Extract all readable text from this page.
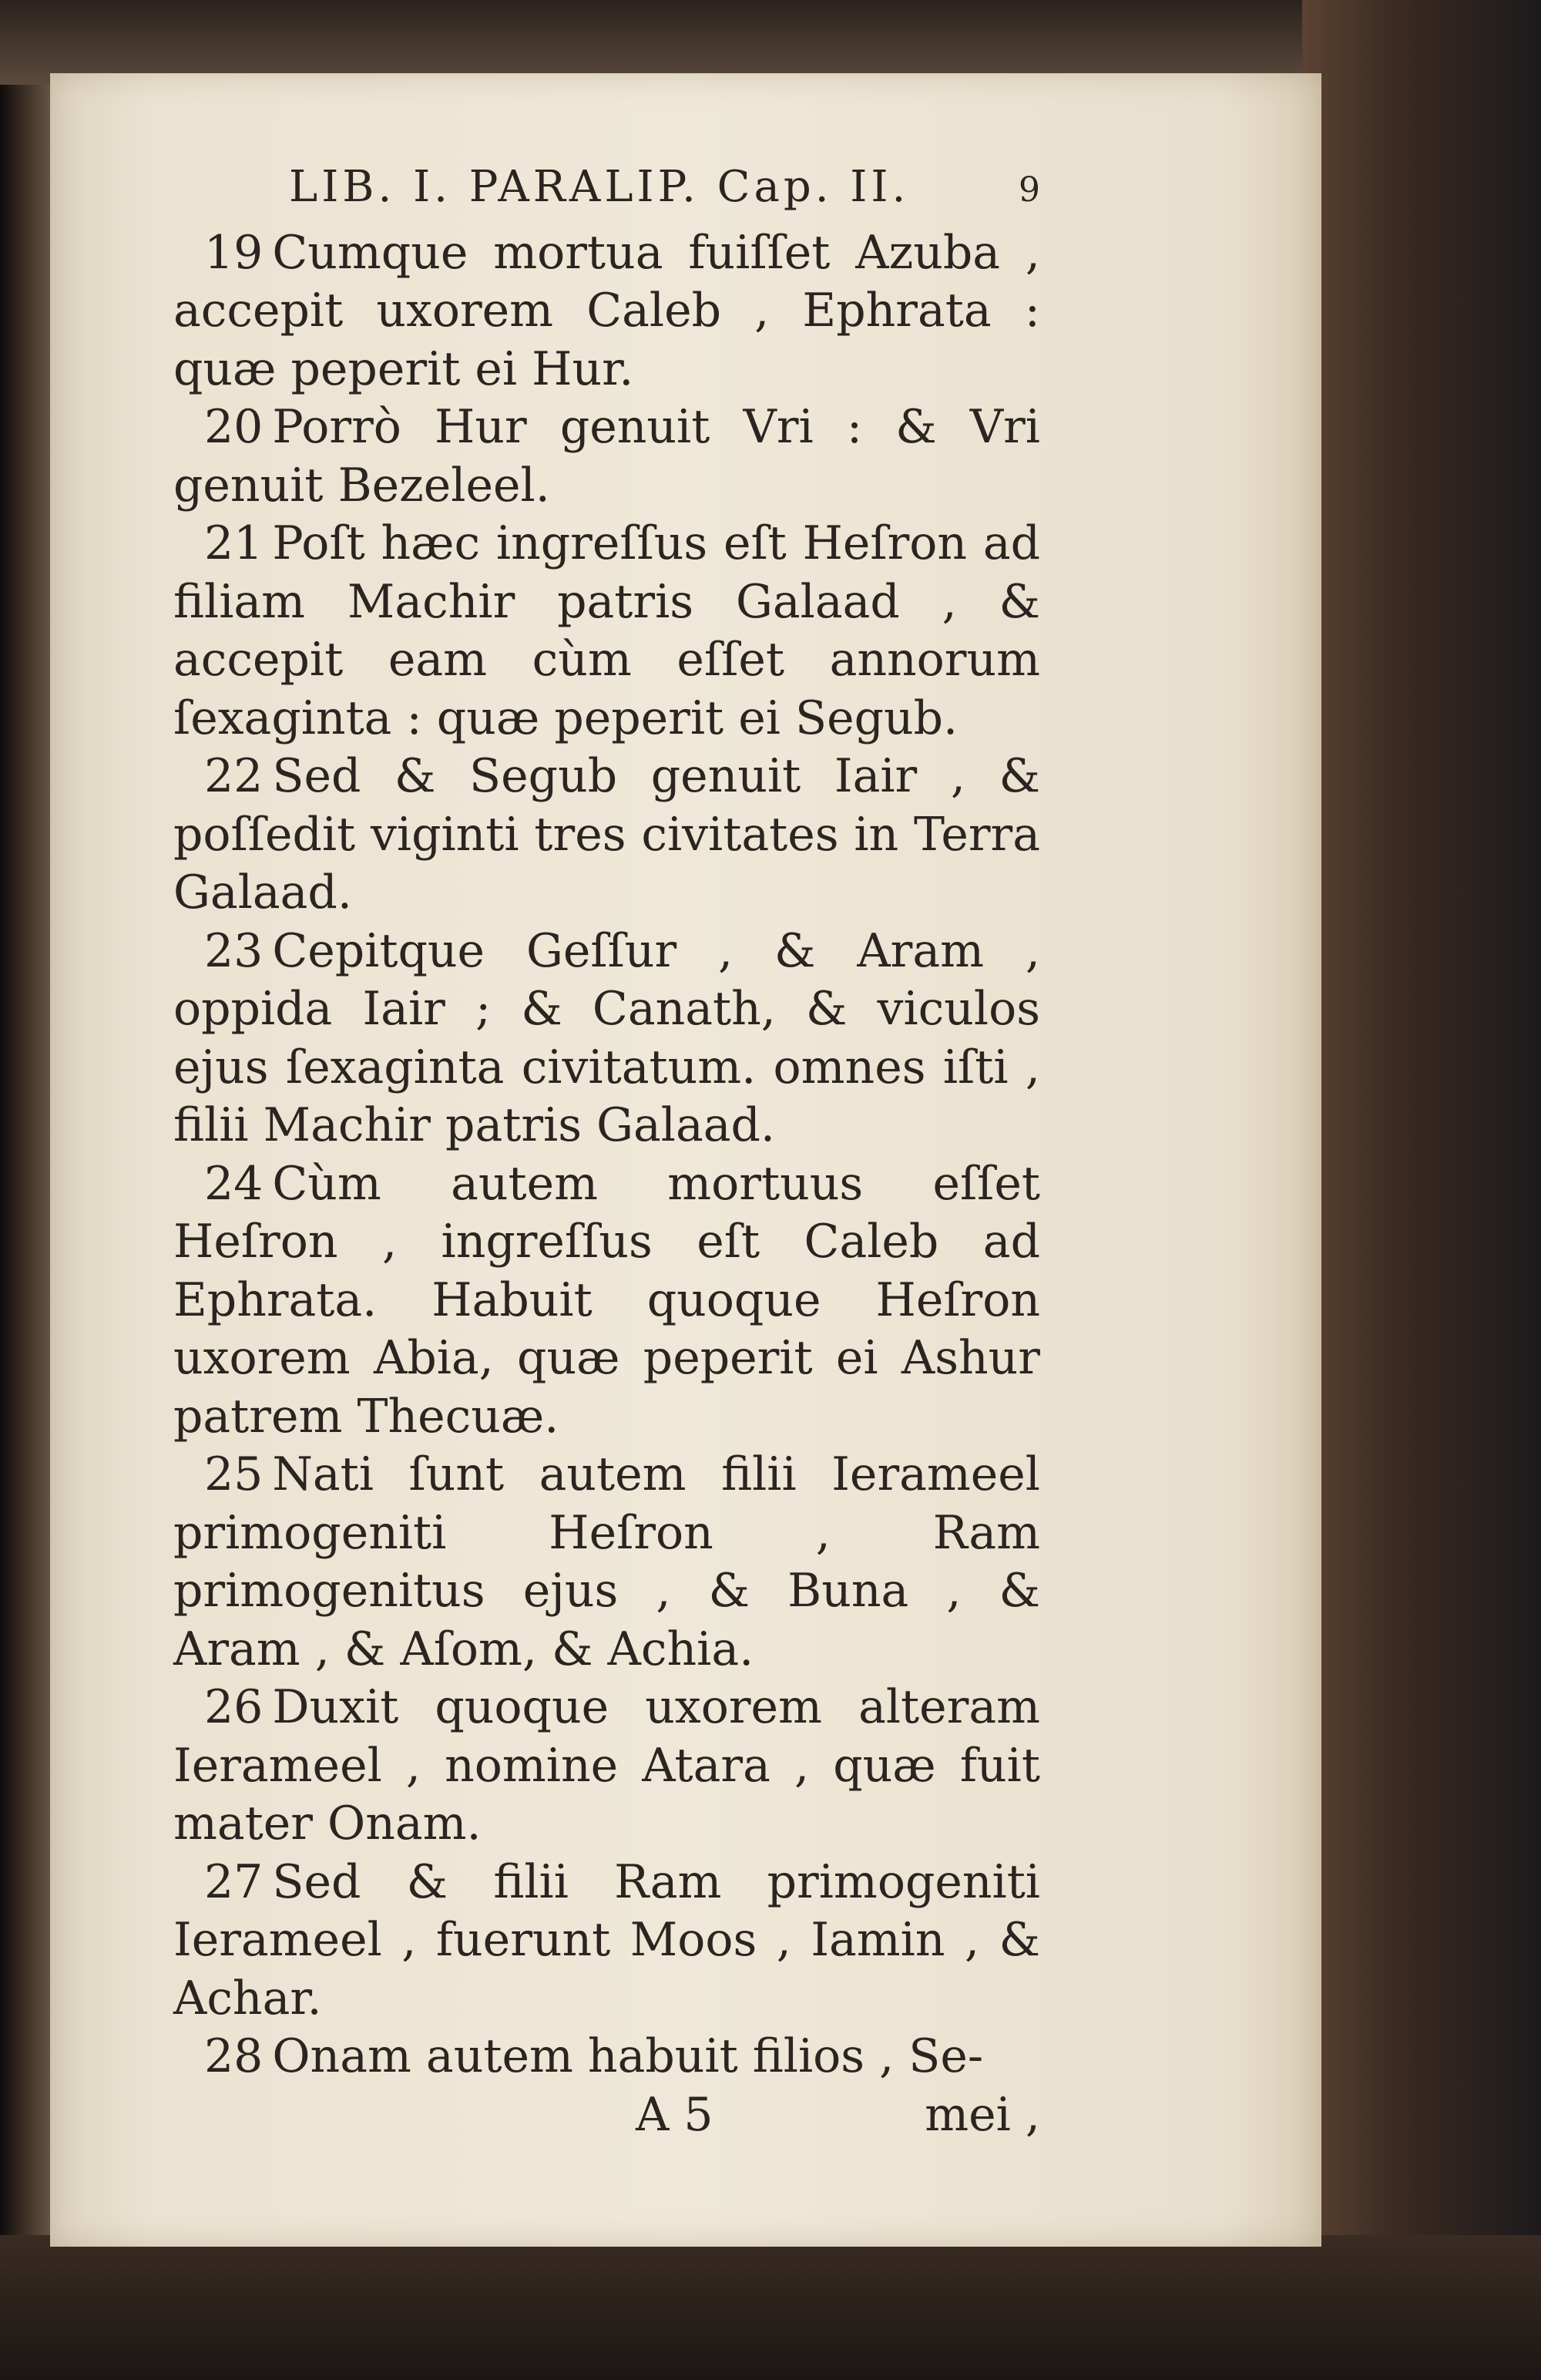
LIB. I. PARALIP. Cap. II.	9

19 Cumque mortua fuiſſet Azuba , accepit uxorem Caleb , Ephrata : quæ peperit ei Hur.

20 Porrò Hur genuit Vri : & Vri genuit Bezeleel.

21 Poſt hæc ingreſſus eſt Heſron ad filiam Machir patris Galaad , & accepit eam cùm eſſet annorum ſexaginta : quæ peperit ei Segub.

22 Sed & Segub genuit Iair , & poſſedit viginti tres civitates in Terra Galaad.

23 Cepitque Geſſur , & Aram , oppida Iair ; & Canath, & viculos ejus ſexaginta civitatum. omnes iſti , filii Machir patris Galaad.

24 Cùm autem mortuus eſſet Heſron , ingreſſus eſt Caleb ad Ephrata. Habuit quoque Heſron uxorem Abia, quæ peperit ei Ashur patrem Thecuæ.

25 Nati ſunt autem filii Ierameel primogeniti Heſron , Ram primogenitus ejus , & Buna , & Aram , & Aſom, & Achia.

26 Duxit quoque uxorem alteram Ierameel , nomine Atara , quæ fuit mater Onam.

27 Sed & filii Ram primogeniti Ierameel , fuerunt Moos , Iamin , & Achar.

28 Onam autem habuit filios , Se-

A 5	mei ,
